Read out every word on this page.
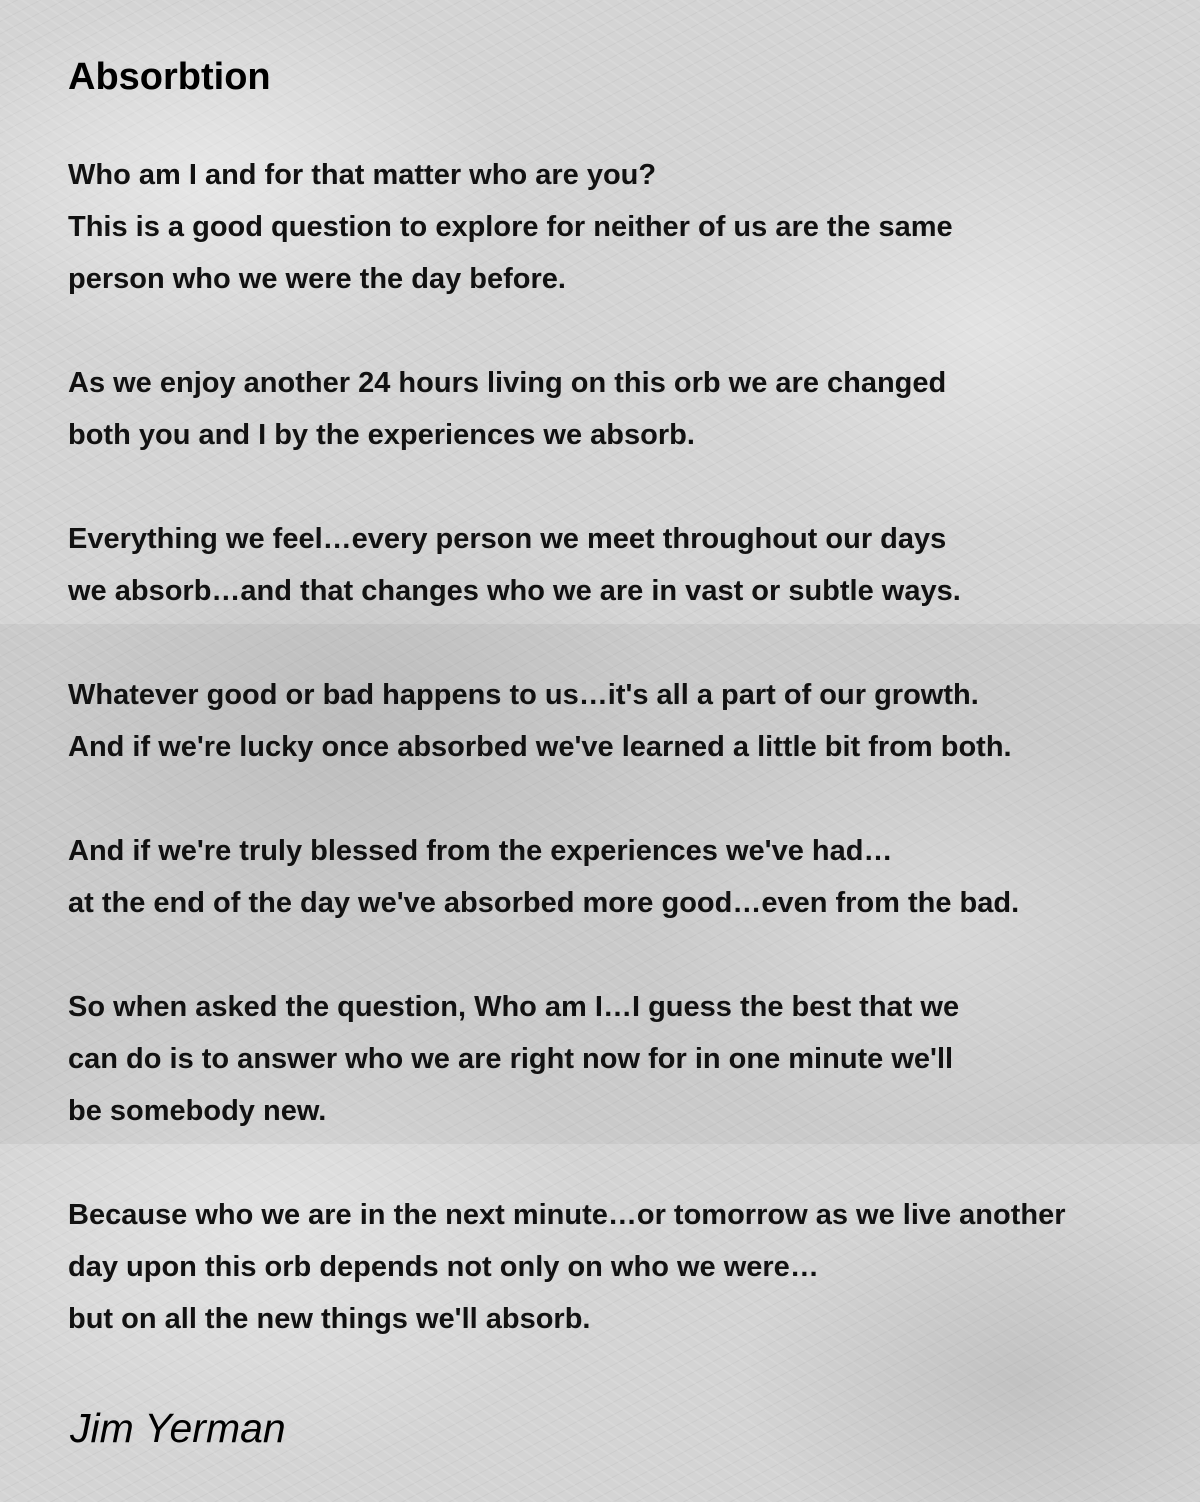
Absorbtion
Who am I and for that matter who are you?
This is a good question to explore for neither of us are the same
person who we were the day before.
As we enjoy another 24 hours living on this orb we are changed
both you and I by the experiences we absorb.
Everything we feel…every person we meet throughout our days
we absorb…and that changes who we are in vast or subtle ways.
Whatever good or bad happens to us…it's all a part of our growth.
And if we're lucky once absorbed we've learned a little bit from both.
And if we're truly blessed from the experiences we've had…
at the end of the day we've absorbed more good…even from the bad.
So when asked the question, Who am I…I guess the best that we
can do is to answer who we are right now for in one minute we'll
be somebody new.
Because who we are in the next minute…or tomorrow as we live another
day upon this orb depends not only on who we were…
but on all the new things we'll absorb.
Jim Yerman
